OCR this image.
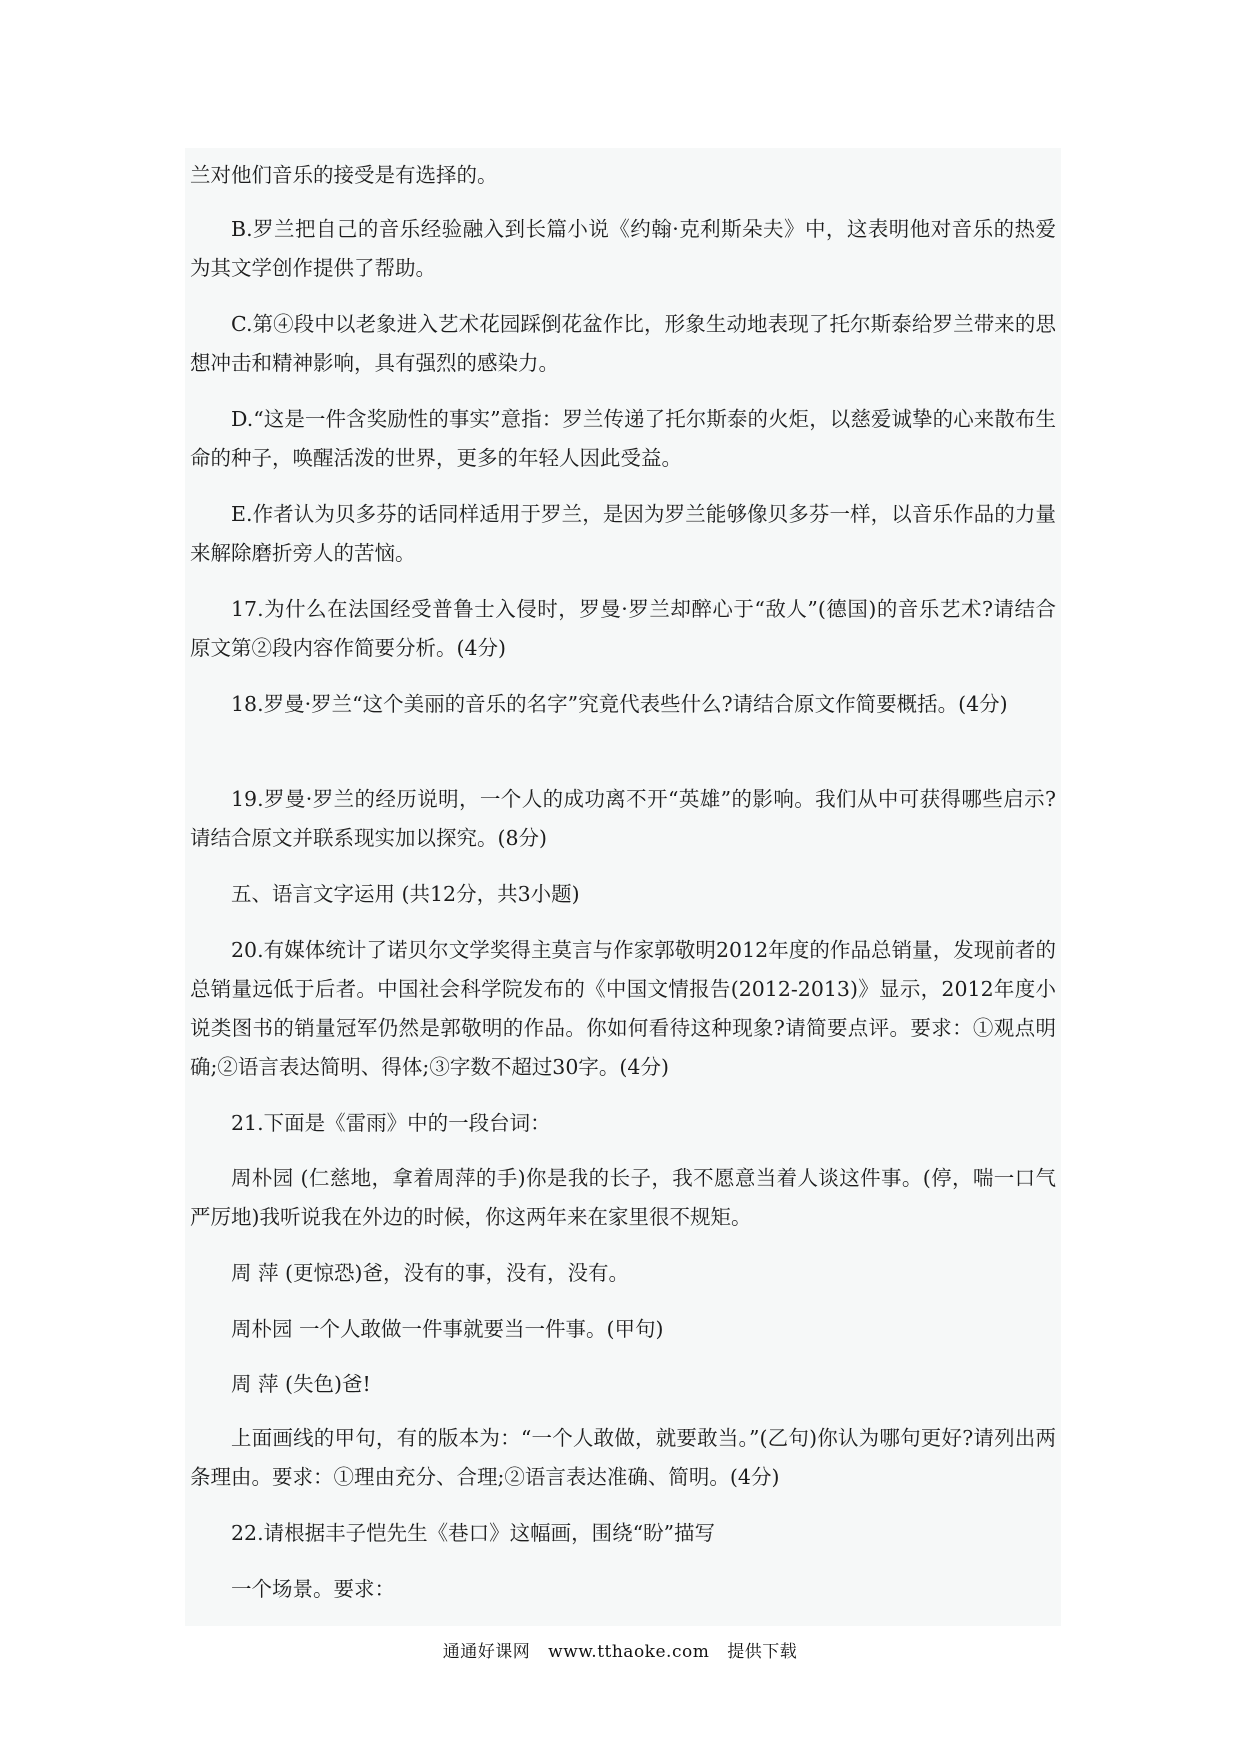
兰对他们音乐的接受是有选择的。

B.罗兰把自己的音乐经验融入到长篇小说《约翰·克利斯朵夫》中，这表明他对音乐的热爱为其文学创作提供了帮助。

C.第④段中以老象进入艺术花园踩倒花盆作比，形象生动地表现了托尔斯泰给罗兰带来的思想冲击和精神影响，具有强烈的感染力。

D.“这是一件含奖励性的事实”意指：罗兰传递了托尔斯泰的火炬，以慈爱诚挚的心来散布生命的种子，唤醒活泼的世界，更多的年轻人因此受益。

E.作者认为贝多芬的话同样适用于罗兰，是因为罗兰能够像贝多芬一样，以音乐作品的力量来解除磨折旁人的苦恼。

17.为什么在法国经受普鲁士入侵时，罗曼·罗兰却醉心于“敌人”(德国)的音乐艺术?请结合原文第②段内容作简要分析。(4分)

18.罗曼·罗兰“这个美丽的音乐的名字”究竟代表些什么?请结合原文作简要概括。(4分)

19.罗曼·罗兰的经历说明，一个人的成功离不开“英雄”的影响。我们从中可获得哪些启示?请结合原文并联系现实加以探究。(8分)

五、语言文字运用 (共12分，共3小题)

20.有媒体统计了诺贝尔文学奖得主莫言与作家郭敬明2012年度的作品总销量，发现前者的总销量远低于后者。中国社会科学院发布的《中国文情报告(2012-2013)》显示，2012年度小说类图书的销量冠军仍然是郭敬明的作品。你如何看待这种现象?请简要点评。要求：①观点明确;②语言表达简明、得体;③字数不超过30字。(4分)

21.下面是《雷雨》中的一段台词：

周朴园 (仁慈地，拿着周萍的手)你是我的长子，我不愿意当着人谈这件事。(停，喘一口气严厉地)我听说我在外边的时候，你这两年来在家里很不规矩。

周 萍 (更惊恐)爸，没有的事，没有，没有。

周朴园 一个人敢做一件事就要当一件事。(甲句)

周 萍 (失色)爸!

上面画线的甲句，有的版本为：“一个人敢做，就要敢当。”(乙句)你认为哪句更好?请列出两条理由。要求：①理由充分、合理;②语言表达准确、简明。(4分)

22.请根据丰子恺先生《巷口》这幅画，围绕“盼”描写

一个场景。要求：

通通好课网 www.tthaoke.com 提供下载
